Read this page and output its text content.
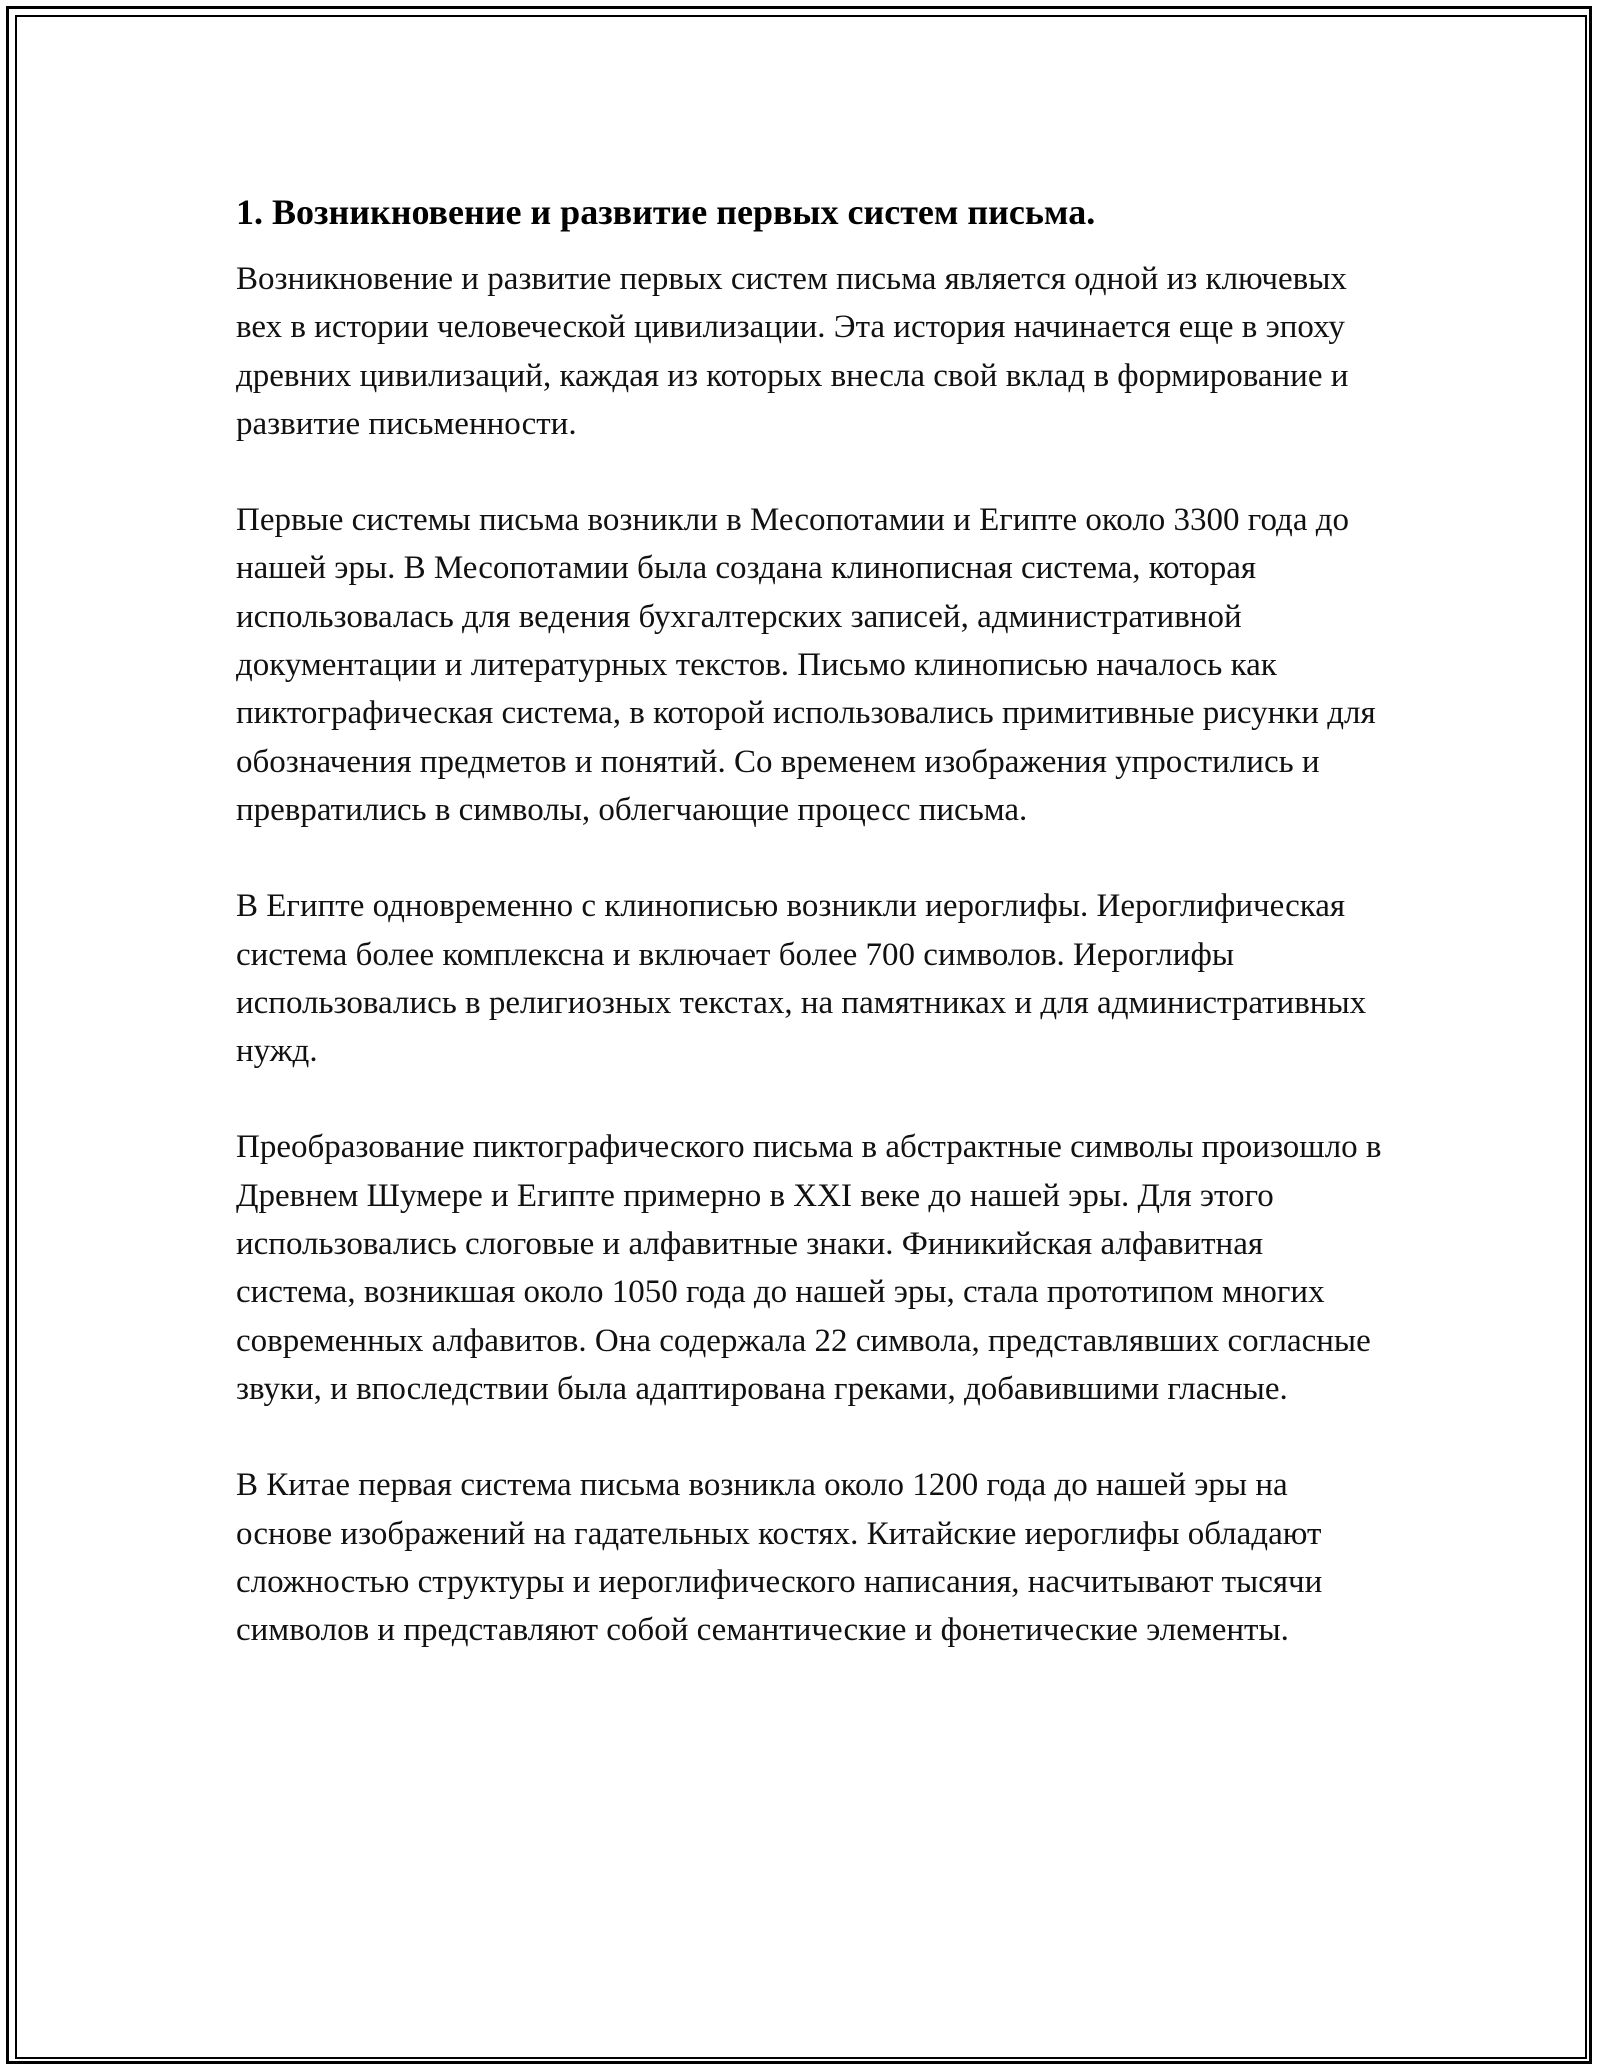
1. Возникновение и развитие первых систем письма.

Возникновение и развитие первых систем письма является одной из ключевых вех в истории человеческой цивилизации. Эта история начинается еще в эпоху древних цивилизаций, каждая из которых внесла свой вклад в формирование и развитие письменности.

Первые системы письма возникли в Месопотамии и Египте около 3300 года до нашей эры. В Месопотамии была создана клинописная система, которая использовалась для ведения бухгалтерских записей, административной документации и литературных текстов. Письмо клинописью началось как пиктографическая система, в которой использовались примитивные рисунки для обозначения предметов и понятий. Со временем изображения упростились и превратились в символы, облегчающие процесс письма.

В Египте одновременно с клинописью возникли иероглифы. Иероглифическая система более комплексна и включает более 700 символов. Иероглифы использовались в религиозных текстах, на памятниках и для административных нужд.

Преобразование пиктографического письма в абстрактные символы произошло в Древнем Шумере и Египте примерно в XXI веке до нашей эры. Для этого использовались слоговые и алфавитные знаки. Финикийская алфавитная система, возникшая около 1050 года до нашей эры, стала прототипом многих современных алфавитов. Она содержала 22 символа, представлявших согласные звуки, и впоследствии была адаптирована греками, добавившими гласные.

В Китае первая система письма возникла около 1200 года до нашей эры на основе изображений на гадательных костях. Китайские иероглифы обладают сложностью структуры и иероглифического написания, насчитывают тысячи символов и представляют собой семантические и фонетические элементы.
